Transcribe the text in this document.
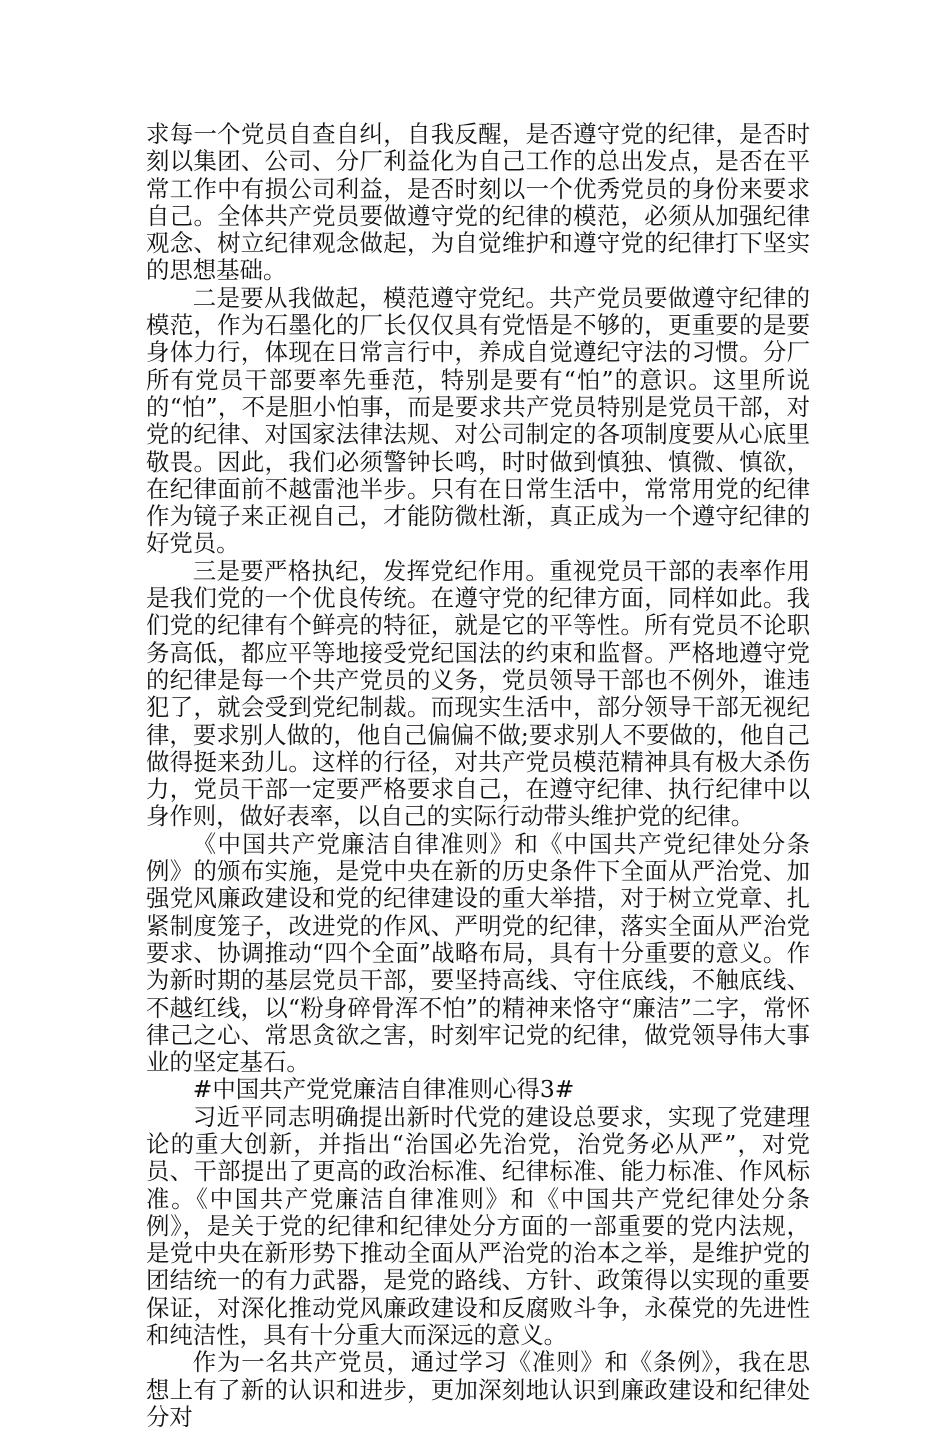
求每一个党员自查自纠，自我反醒，是否遵守党的纪律，是否时刻以集团、公司、分厂利益化为自己工作的总出发点，是否在平常工作中有损公司利益，是否时刻以一个优秀党员的身份来要求自己。全体共产党员要做遵守党的纪律的模范，必须从加强纪律观念、树立纪律观念做起，为自觉维护和遵守党的纪律打下坚实的思想基础。

二是要从我做起，模范遵守党纪。共产党员要做遵守纪律的模范，作为石墨化的厂长仅仅具有党悟是不够的，更重要的是要身体力行，体现在日常言行中，养成自觉遵纪守法的习惯。分厂所有党员干部要率先垂范，特别是要有“怕”的意识。这里所说的“怕”，不是胆小怕事，而是要求共产党员特别是党员干部，对党的纪律、对国家法律法规、对公司制定的各项制度要从心底里敬畏。因此，我们必须警钟长鸣，时时做到慎独、慎微、慎欲，在纪律面前不越雷池半步。只有在日常生活中，常常用党的纪律作为镜子来正视自己，才能防微杜渐，真正成为一个遵守纪律的好党员。

三是要严格执纪，发挥党纪作用。重视党员干部的表率作用是我们党的一个优良传统。在遵守党的纪律方面，同样如此。我们党的纪律有个鲜亮的特征，就是它的平等性。所有党员不论职务高低，都应平等地接受党纪国法的约束和监督。严格地遵守党的纪律是每一个共产党员的义务，党员领导干部也不例外，谁违犯了，就会受到党纪制裁。而现实生活中，部分领导干部无视纪律，要求别人做的，他自己偏偏不做;要求别人不要做的，他自己做得挺来劲儿。这样的行径，对共产党员模范精神具有极大杀伤力，党员干部一定要严格要求自己，在遵守纪律、执行纪律中以身作则，做好表率，以自己的实际行动带头维护党的纪律。

《中国共产党廉洁自律准则》和《中国共产党纪律处分条例》的颁布实施，是党中央在新的历史条件下全面从严治党、加强党风廉政建设和党的纪律建设的重大举措，对于树立党章、扎紧制度笼子，改进党的作风、严明党的纪律，落实全面从严治党要求、协调推动“四个全面”战略布局，具有十分重要的意义。作为新时期的基层党员干部，要坚持高线、守住底线，不触底线、不越红线，以“粉身碎骨浑不怕”的精神来恪守“廉洁”二字，常怀律己之心、常思贪欲之害，时刻牢记党的纪律，做党领导伟大事业的坚定基石。

#中国共产党党廉洁自律准则心得3#

习近平同志明确提出新时代党的建设总要求，实现了党建理论的重大创新，并指出“治国必先治党，治党务必从严”，对党员、干部提出了更高的政治标准、纪律标准、能力标准、作风标准。《中国共产党廉洁自律准则》和《中国共产党纪律处分条例》，是关于党的纪律和纪律处分方面的一部重要的党内法规，是党中央在新形势下推动全面从严治党的治本之举，是维护党的团结统一的有力武器，是党的路线、方针、政策得以实现的重要保证，对深化推动党风廉政建设和反腐败斗争，永葆党的先进性和纯洁性，具有十分重大而深远的意义。

作为一名共产党员，通过学习《准则》和《条例》，我在思想上有了新的认识和进步，更加深刻地认识到廉政建设和纪律处分对
